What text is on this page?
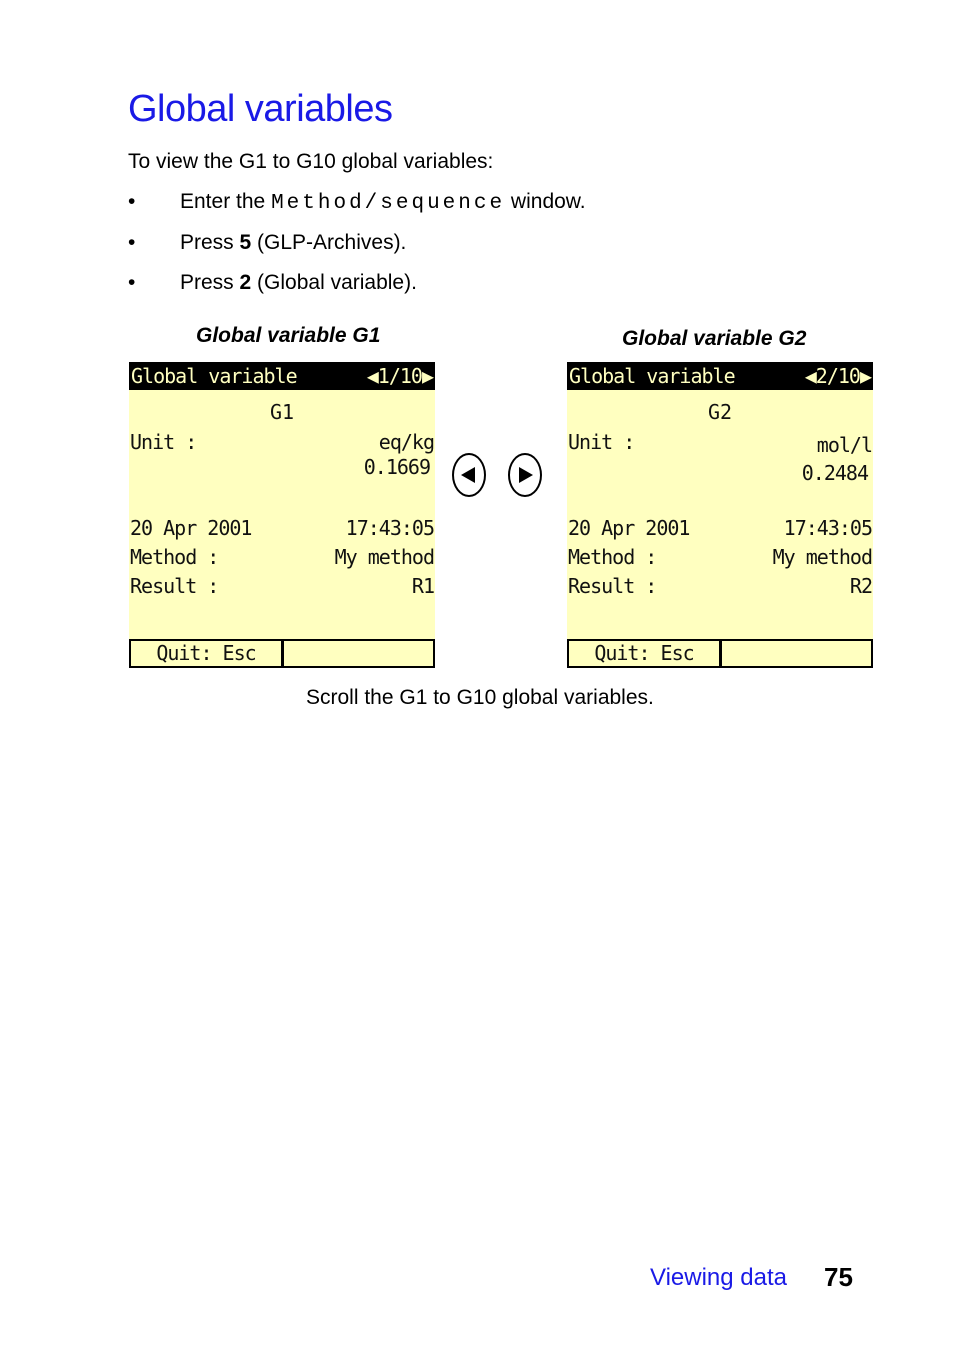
Global variables
To view the G1 to G10 global variables:
• Enter the Method/sequence window.
• Press 5 (GLP-Archives).
• Press 2 (Global variable).
Global variable G1	Global variable G2
Global variable	◀1/10▶
G1
Unit :	eq/kg
0.1669
20 Apr 2001	17:43:05
Method :	My method
Result :	R1
Quit: Esc
Global variable	◀2/10▶
G2
Unit :	mol/l
0.2484
20 Apr 2001	17:43:05
Method :	My method
Result :	R2
Quit: Esc
Scroll the G1 to G10 global variables.
Viewing data 75
